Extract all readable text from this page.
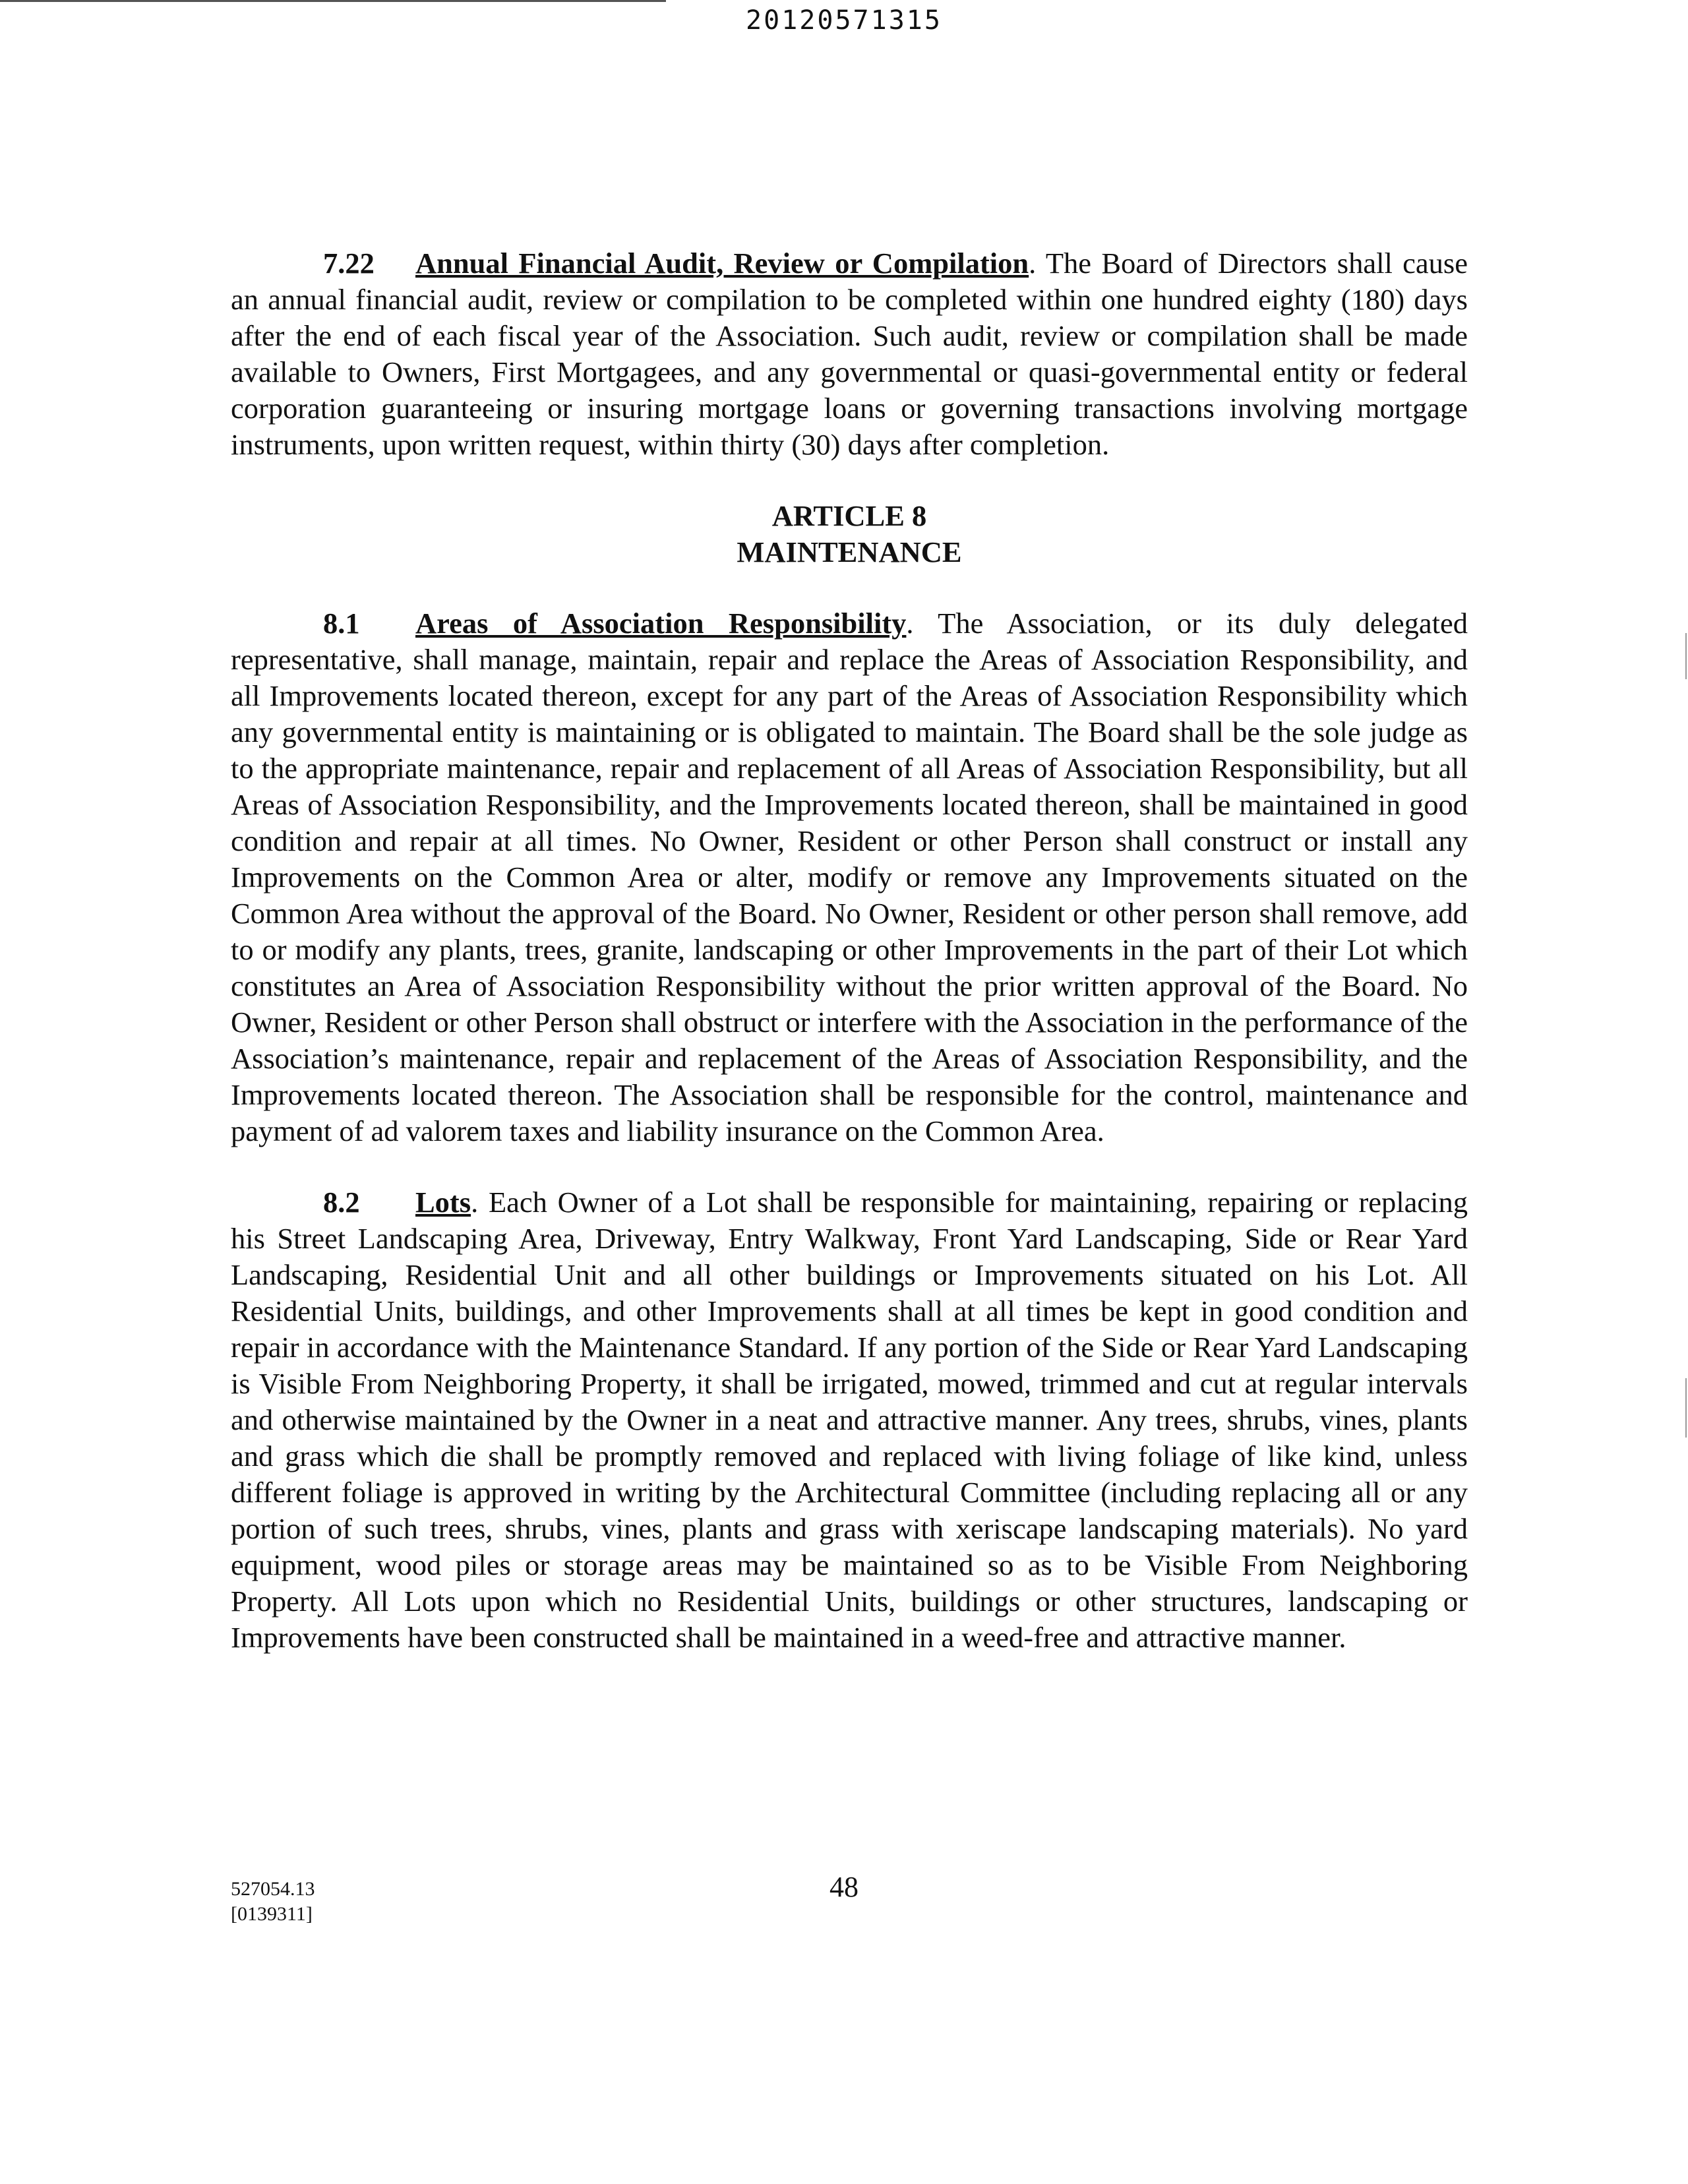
20120571315

7.22 Annual Financial Audit, Review or Compilation. The Board of Directors shall cause an annual financial audit, review or compilation to be completed within one hundred eighty (180) days after the end of each fiscal year of the Association. Such audit, review or compilation shall be made available to Owners, First Mortgagees, and any governmental or quasi-governmental entity or federal corporation guaranteeing or insuring mortgage loans or governing transactions involving mortgage instruments, upon written request, within thirty (30) days after completion.

ARTICLE 8

MAINTENANCE

8.1 Areas of Association Responsibility. The Association, or its duly delegated representative, shall manage, maintain, repair and replace the Areas of Association Responsibility, and all Improvements located thereon, except for any part of the Areas of Association Responsibility which any governmental entity is maintaining or is obligated to maintain. The Board shall be the sole judge as to the appropriate maintenance, repair and replacement of all Areas of Association Responsibility, but all Areas of Association Responsibility, and the Improvements located thereon, shall be maintained in good condition and repair at all times. No Owner, Resident or other Person shall construct or install any Improvements on the Common Area or alter, modify or remove any Improvements situated on the Common Area without the approval of the Board. No Owner, Resident or other person shall remove, add to or modify any plants, trees, granite, landscaping or other Improvements in the part of their Lot which constitutes an Area of Association Responsibility without the prior written approval of the Board. No Owner, Resident or other Person shall obstruct or interfere with the Association in the performance of the Association’s maintenance, repair and replacement of the Areas of Association Responsibility, and the Improvements located thereon. The Association shall be responsible for the control, maintenance and payment of ad valorem taxes and liability insurance on the Common Area.

8.2 Lots. Each Owner of a Lot shall be responsible for maintaining, repairing or replacing his Street Landscaping Area, Driveway, Entry Walkway, Front Yard Landscaping, Side or Rear Yard Landscaping, Residential Unit and all other buildings or Improvements situated on his Lot. All Residential Units, buildings, and other Improvements shall at all times be kept in good condition and repair in accordance with the Maintenance Standard. If any portion of the Side or Rear Yard Landscaping is Visible From Neighboring Property, it shall be irrigated, mowed, trimmed and cut at regular intervals and otherwise maintained by the Owner in a neat and attractive manner. Any trees, shrubs, vines, plants and grass which die shall be promptly removed and replaced with living foliage of like kind, unless different foliage is approved in writing by the Architectural Committee (including replacing all or any portion of such trees, shrubs, vines, plants and grass with xeriscape landscaping materials). No yard equipment, wood piles or storage areas may be maintained so as to be Visible From Neighboring Property. All Lots upon which no Residential Units, buildings or other structures, landscaping or Improvements have been constructed shall be maintained in a weed-free and attractive manner.

527054.13
[0139311]
48
